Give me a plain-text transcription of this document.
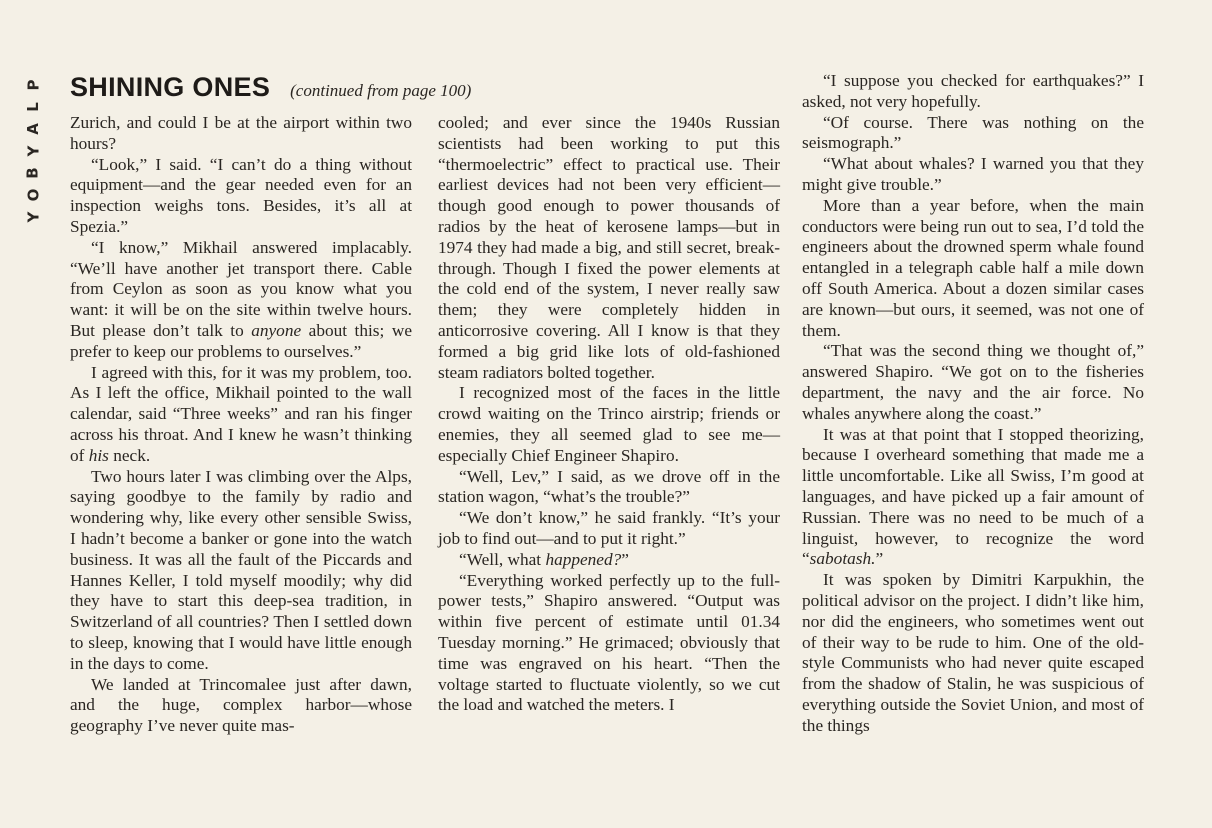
P
L
A
Y
B
O
Y
SHINING ONES (continued from page 100)

Zurich, and could I be at the airport within two hours?

“Look,” I said. “I can’t do a thing without equipment—and the gear needed even for an inspection weighs tons. Besides, it’s all at Spezia.”

“I know,” Mikhail answered implacably. “We’ll have another jet transport there. Cable from Ceylon as soon as you know what you want: it will be on the site within twelve hours. But please don’t talk to anyone about this; we prefer to keep our problems to ourselves.”

I agreed with this, for it was my problem, too. As I left the office, Mikhail pointed to the wall calendar, said “Three weeks” and ran his finger across his throat. And I knew he wasn’t thinking of his neck.

Two hours later I was climbing over the Alps, saying goodbye to the family by radio and wondering why, like every other sensible Swiss, I hadn’t become a banker or gone into the watch business. It was all the fault of the Piccards and Hannes Keller, I told myself moodily; why did they have to start this deep-sea tradition, in Switzerland of all countries? Then I settled down to sleep, knowing that I would have little enough in the days to come.

We landed at Trincomalee just after dawn, and the huge, complex harbor—whose geography I’ve never quite mas-

cooled; and ever since the 1940s Russian scientists had been working to put this “thermoelectric” effect to practical use. Their earliest devices had not been very efficient—though good enough to power thousands of radios by the heat of kerosene lamps—but in 1974 they had made a big, and still secret, break-through. Though I fixed the power elements at the cold end of the system, I never really saw them; they were completely hidden in anticorrosive covering. All I know is that they formed a big grid like lots of old-fashioned steam radiators bolted together.

I recognized most of the faces in the little crowd waiting on the Trinco airstrip; friends or enemies, they all seemed glad to see me—especially Chief Engineer Shapiro.

“Well, Lev,” I said, as we drove off in the station wagon, “what’s the trouble?”

“We don’t know,” he said frankly. “It’s your job to find out—and to put it right.”

“Well, what happened?”

“Everything worked perfectly up to the full-power tests,” Shapiro answered. “Output was within five percent of estimate until 01.34 Tuesday morning.” He grimaced; obviously that time was engraved on his heart. “Then the voltage started to fluctuate violently, so we cut the load and watched the meters. I

“I suppose you checked for earthquakes?” I asked, not very hopefully.

“Of course. There was nothing on the seismograph.”

“What about whales? I warned you that they might give trouble.”

More than a year before, when the main conductors were being run out to sea, I’d told the engineers about the drowned sperm whale found entangled in a telegraph cable half a mile down off South America. About a dozen similar cases are known—but ours, it seemed, was not one of them.

“That was the second thing we thought of,” answered Shapiro. “We got on to the fisheries department, the navy and the air force. No whales anywhere along the coast.”

It was at that point that I stopped theorizing, because I overheard something that made me a little uncomfortable. Like all Swiss, I’m good at languages, and have picked up a fair amount of Russian. There was no need to be much of a linguist, however, to recognize the word “sabotash.”

It was spoken by Dimitri Karpukhin, the political advisor on the project. I didn’t like him, nor did the engineers, who sometimes went out of their way to be rude to him. One of the old-style Communists who had never quite escaped from the shadow of Stalin, he was suspicious of everything outside the Soviet Union, and most of the things
